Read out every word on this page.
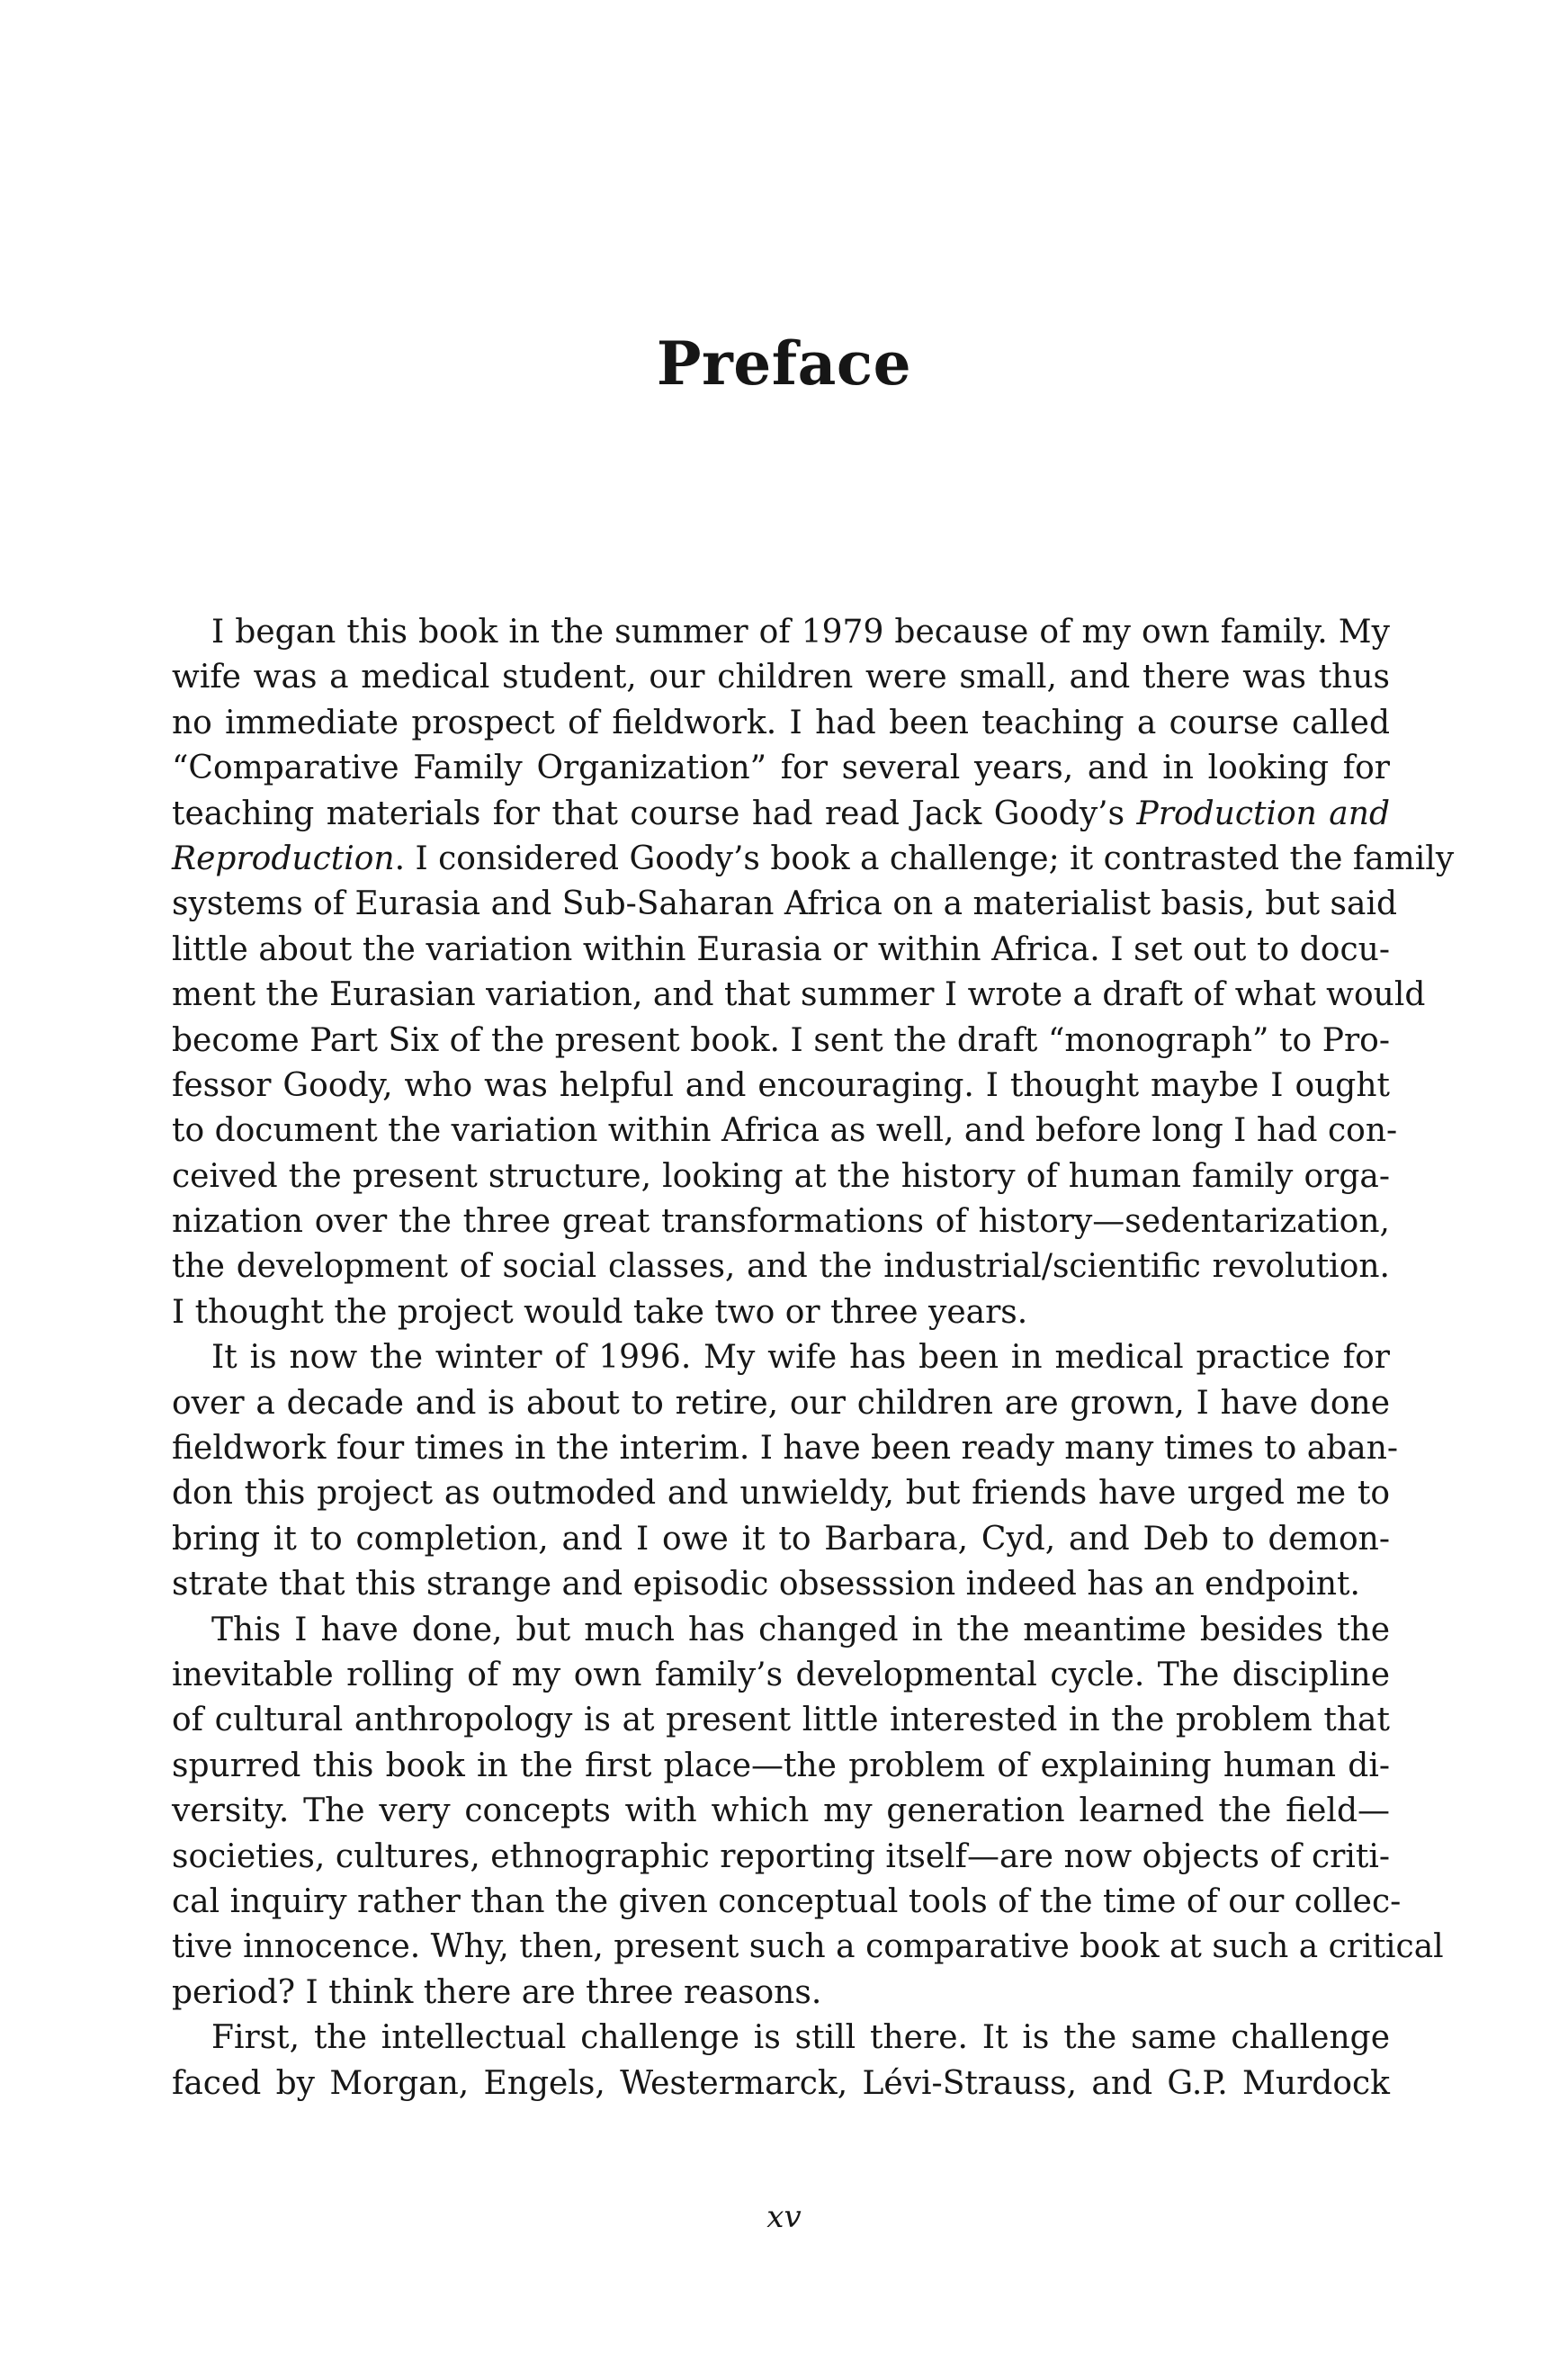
Preface

I began this book in the summer of 1979 because of my own family. My
wife was a medical student, our children were small, and there was thus
no immediate prospect of fieldwork. I had been teaching a course called
“Comparative Family Organization” for several years, and in looking for
teaching materials for that course had read Jack Goody’s Production and
Reproduction. I considered Goody’s book a challenge; it contrasted the family
systems of Eurasia and Sub-Saharan Africa on a materialist basis, but said
little about the variation within Eurasia or within Africa. I set out to docu-
ment the Eurasian variation, and that summer I wrote a draft of what would
become Part Six of the present book. I sent the draft “monograph” to Pro-
fessor Goody, who was helpful and encouraging. I thought maybe I ought
to document the variation within Africa as well, and before long I had con-
ceived the present structure, looking at the history of human family orga-
nization over the three great transformations of history—sedentarization,
the development of social classes, and the industrial/scientific revolution.
I thought the project would take two or three years.

It is now the winter of 1996. My wife has been in medical practice for
over a decade and is about to retire, our children are grown, I have done
fieldwork four times in the interim. I have been ready many times to aban-
don this project as outmoded and unwieldy, but friends have urged me to
bring it to completion, and I owe it to Barbara, Cyd, and Deb to demon-
strate that this strange and episodic obsesssion indeed has an endpoint.

This I have done, but much has changed in the meantime besides the
inevitable rolling of my own family’s developmental cycle. The discipline
of cultural anthropology is at present little interested in the problem that
spurred this book in the first place—the problem of explaining human di-
versity. The very concepts with which my generation learned the field—
societies, cultures, ethnographic reporting itself—are now objects of criti-
cal inquiry rather than the given conceptual tools of the time of our collec-
tive innocence. Why, then, present such a comparative book at such a critical
period? I think there are three reasons.

First, the intellectual challenge is still there. It is the same challenge
faced by Morgan, Engels, Westermarck, Lévi-Strauss, and G.P. Murdock

xv
